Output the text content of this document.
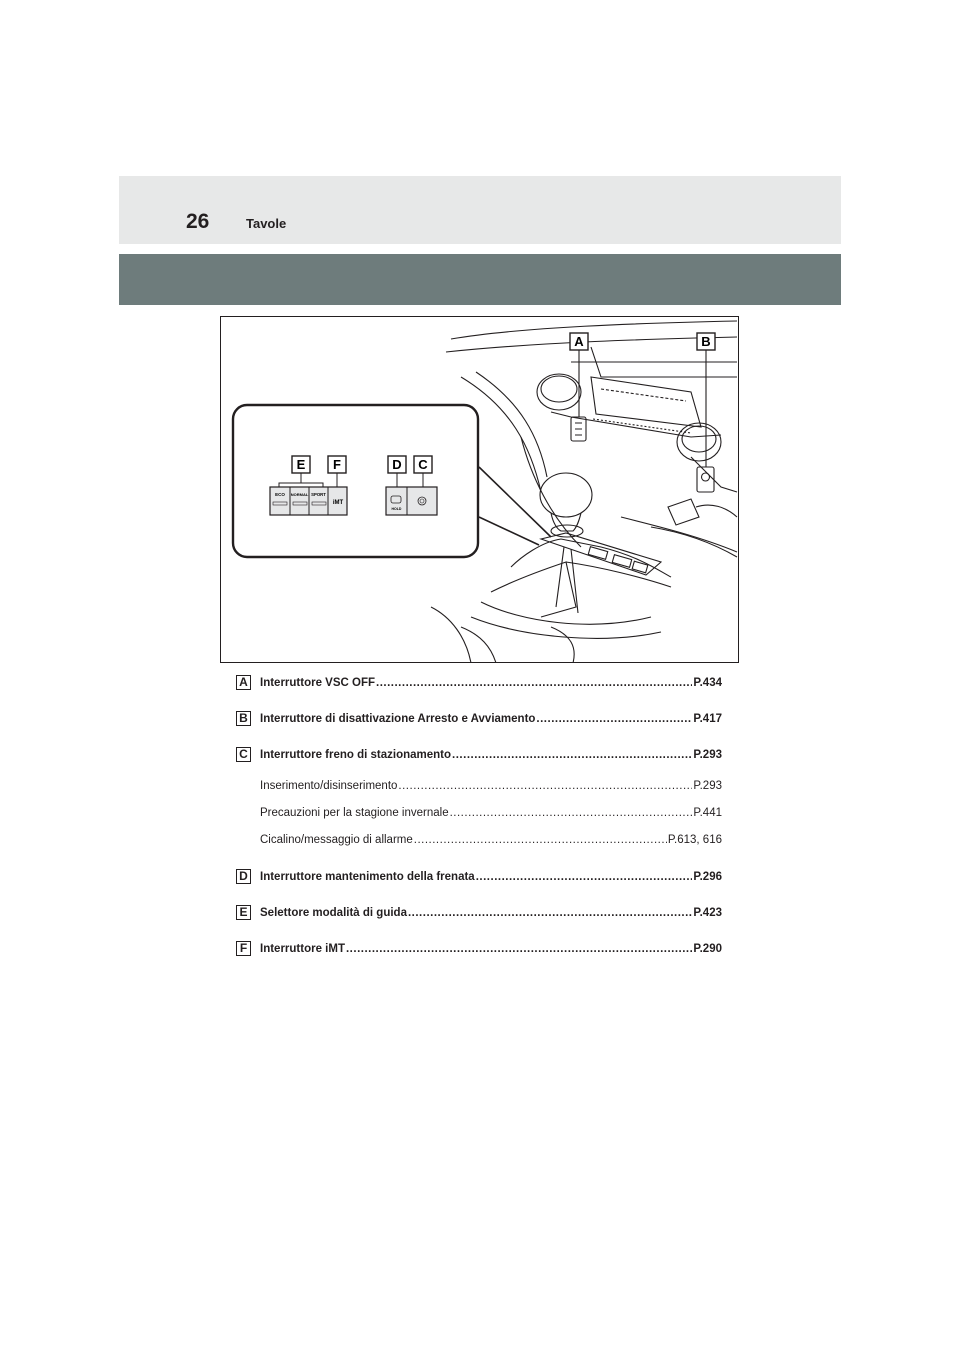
26	Tavole
ECO NORMAL SPORT
iMT
HOLD
A	B
C
D
E F
A Interruttore VSC OFF .....	P.434
B Interruttore di disattivazione Arresto e Avviamento .....	P.417
C Interruttore freno di stazionamento .....	P.293
Inserimento/disinserimento .....	P.293
Precauzioni per la stagione invernale .....	P.441
Cicalino/messaggio di allarme .....	P.613, 616
D Interruttore mantenimento della frenata .....	P.296
E	Selettore modalità di guida .....	P.423
F	Interruttore iMT .....	P.290
